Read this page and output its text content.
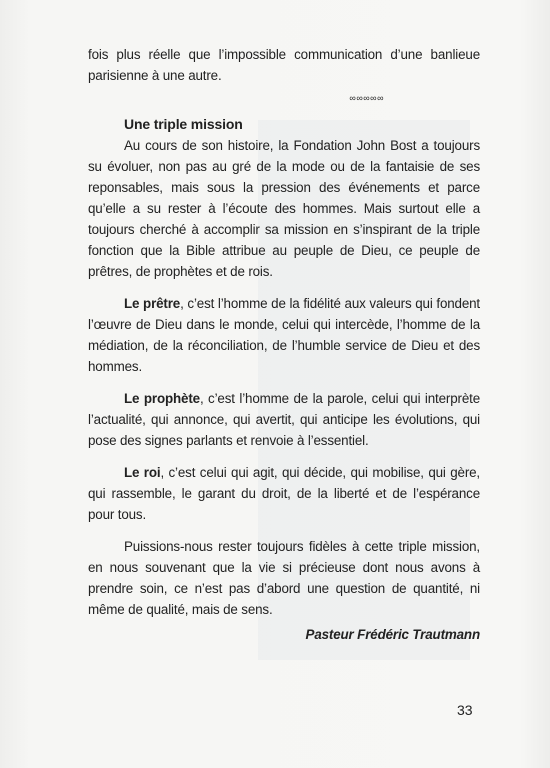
fois plus réelle que l’impossible communication d’une banlieue parisienne à une autre.

∞∞∞∞∞
Une triple mission

Au cours de son histoire, la Fondation John Bost a toujours su évoluer, non pas au gré de la mode ou de la fantaisie de ses reponsables, mais sous la pression des événements et parce qu’elle a su rester à l’écoute des hommes. Mais surtout elle a toujours cherché à accomplir sa mission en s’inspirant de la triple fonction que la Bible attribue au peuple de Dieu, ce peuple de prêtres, de prophètes et de rois.

Le prêtre, c’est l’homme de la fidélité aux valeurs qui fondent l’œuvre de Dieu dans le monde, celui qui intercède, l’homme de la médiation, de la réconciliation, de l’humble service de Dieu et des hommes.

Le prophète, c’est l’homme de la parole, celui qui interprète l’actualité, qui annonce, qui avertit, qui anticipe les évolutions, qui pose des signes parlants et renvoie à l’essentiel.

Le roi, c’est celui qui agit, qui décide, qui mobilise, qui gère, qui rassemble, le garant du droit, de la liberté et de l’espérance pour tous.

Puissions-nous rester toujours fidèles à cette triple mission, en nous souvenant que la vie si précieuse dont nous avons à prendre soin, ce n’est pas d’abord une question de quantité, ni même de qualité, mais de sens.

Pasteur Frédéric Trautmann
33
